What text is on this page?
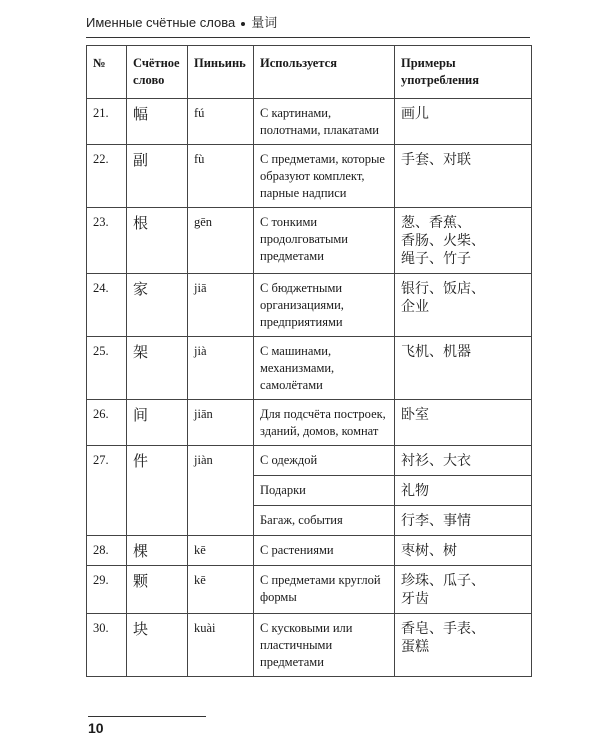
Именные счётные слова 量词
№	Счётное слово	Пиньинь	Используется	Примеры употребления
21.	幅	fú	С картинами, полотнами, плакатами	画儿

22.	副	fù	С предметами, которые образуют комплект, парные надписи	手套、对联

23.	根	gēn	С тонкими продолговатыми предметами	葱、香蕉、
香肠、火柴、
绳子、竹子

24.	家	jiā	С бюджетными организациями, предприятиями	银行、饭店、
企业

25.	架	jià	С машинами, механизмами, самолётами	飞机、机器

26.	间	jiān	Для подсчёта построек, зданий, домов, комнат	卧室

27.	件	jiàn	С одеждой	衬衫、大衣

			Подарки	礼物

			Багаж, события	行李、事情

28.	棵	kē	С растениями	枣树、树

29.	颗	kē	С предметами круглой формы	珍珠、瓜子、
牙齿

30.	块	kuài	С кусковыми или пластичными предметами	香皂、手表、
蛋糕
10
